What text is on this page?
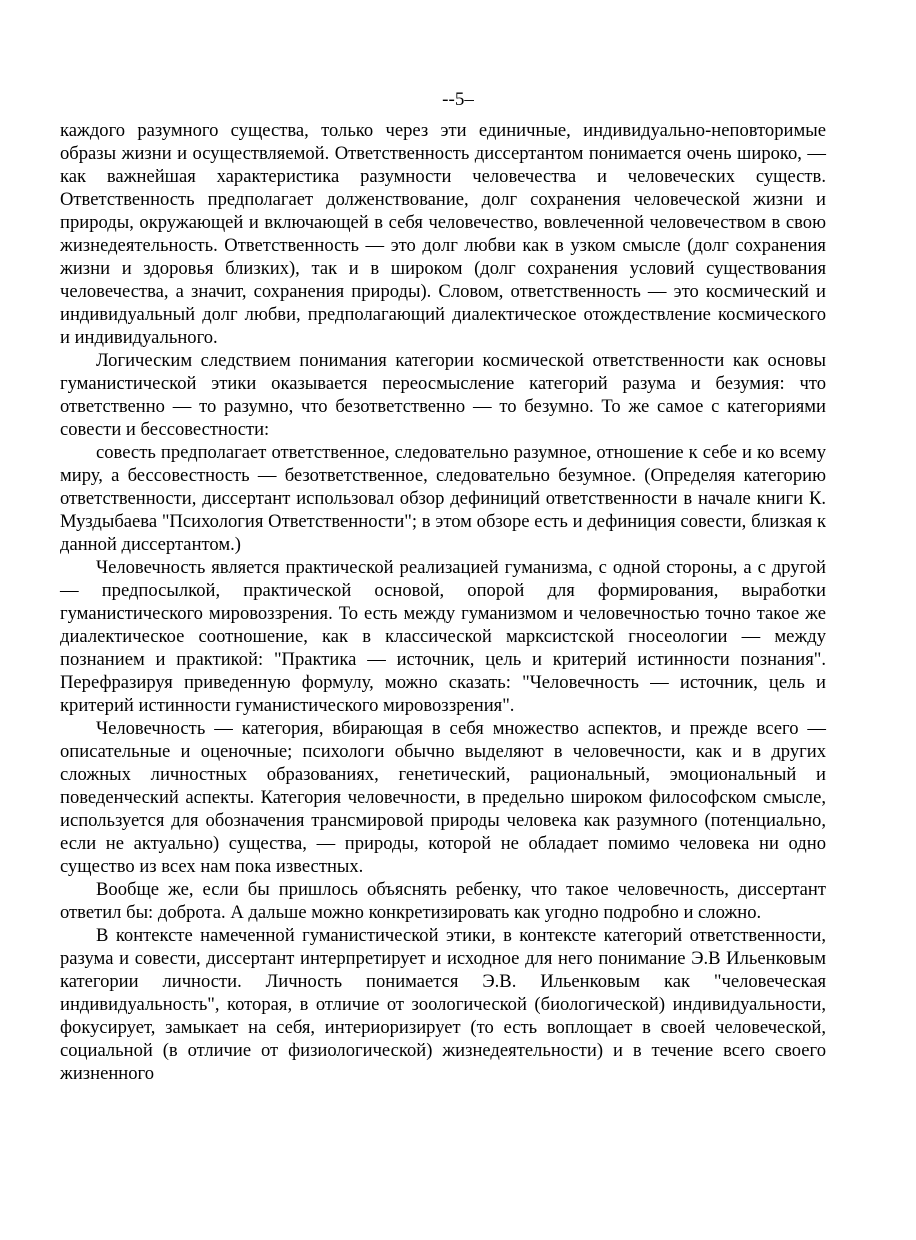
--5–

каждого разумного существа, только через эти единичные, индивидуально-неповторимые образы жизни и осуществляемой. Ответственность диссертантом понимается очень широко, — как важнейшая характеристика разумности человечества и человеческих существ. Ответственность предполагает долженствование, долг сохранения человеческой жизни и природы, окружающей и включающей в себя человечество, вовлеченной человечеством в свою жизнедеятельность. Ответственность — это долг любви как в узком смысле (долг сохранения жизни и здоровья близких), так и в широком (долг сохранения условий существования человечества, а значит, сохранения природы). Словом, ответственность — это космический и индивидуальный долг любви, предполагающий диалектическое отождествление космического и индивидуального.

Логическим следствием понимания категории космической ответственности как основы гуманистической этики оказывается переосмысление категорий разума и безумия: что ответственно — то разумно, что безответственно — то безумно. То же самое с категориями совести и бессовестности:

совесть предполагает ответственное, следовательно разумное, отношение к себе и ко всему миру, а бессовестность — безответственное, следовательно безумное. (Определяя категорию ответственности, диссертант использовал обзор дефиниций ответственности в начале книги К. Муздыбаева "Психология Ответственности"; в этом обзоре есть и дефиниция совести, близкая к данной диссертантом.)

Человечность является практической реализацией гуманизма, с одной стороны, а с другой — предпосылкой, практической основой, опорой для формирования, выработки гуманистического мировоззрения. То есть между гуманизмом и человечностью точно такое же диалектическое соотношение, как в классической марксистской гносеологии — между познанием и практикой: "Практика — источник, цель и критерий истинности познания". Перефразируя приведенную формулу, можно сказать: "Человечность — источник, цель и критерий истинности гуманистического мировоззрения".

Человечность — категория, вбирающая в себя множество аспектов, и прежде всего — описательные и оценочные; психологи обычно выделяют в человечности, как и в других сложных личностных образованиях, генетический, рациональный, эмоциональный и поведенческий аспекты. Категория человечности, в предельно широком философском смысле, используется для обозначения трансмировой природы человека как разумного (потенциально, если не актуально) существа, — природы, которой не обладает помимо человека ни одно существо из всех нам пока известных.

Вообще же, если бы пришлось объяснять ребенку, что такое человечность, диссертант ответил бы: доброта. А дальше можно конкретизировать как угодно подробно и сложно.

В контексте намеченной гуманистической этики, в контексте категорий ответственности, разума и совести, диссертант интерпретирует и исходное для него понимание Э.В Ильенковым категории личности. Личность понимается Э.В. Ильенковым как "человеческая индивидуальность", которая, в отличие от зоологической (биологической) индивидуальности, фокусирует, замыкает на себя, интериоризирует (то есть воплощает в своей человеческой, социальной (в отличие от физиологической) жизнедеятельности) и в течение всего своего жизненного
